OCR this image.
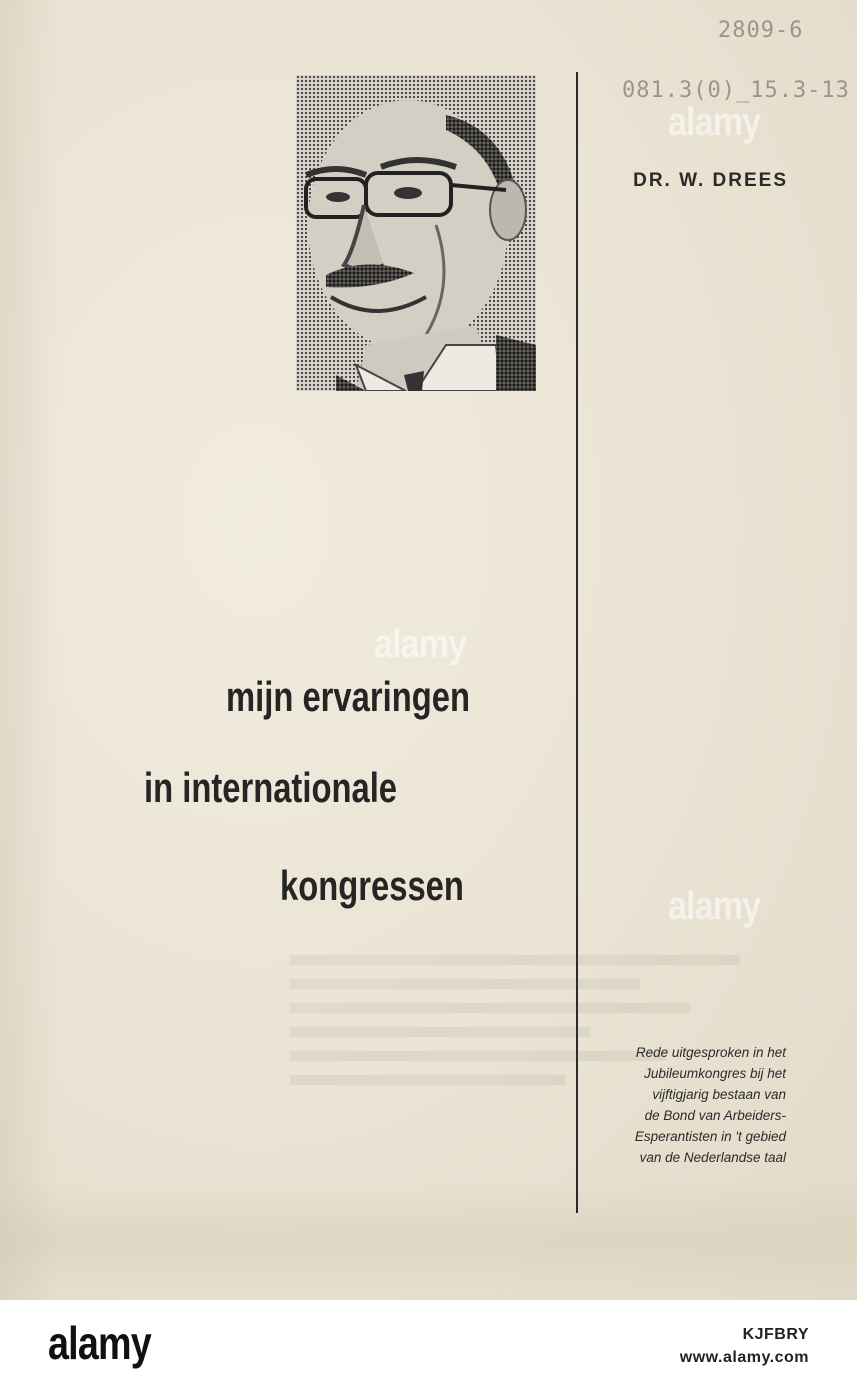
2809-6
081.3(0)_15.3-13
DR. W. DREES
mijn ervaringen
in internationale
kongressen
Rede uitgesproken in het
Jubileumkongres bij het
vijftigjarig bestaan van
de Bond van Arbeiders-
Esperantisten in 't gebied
van de Nederlandse taal
alamy
alamy
alamy
alamy	KJFBRY
www.alamy.com
